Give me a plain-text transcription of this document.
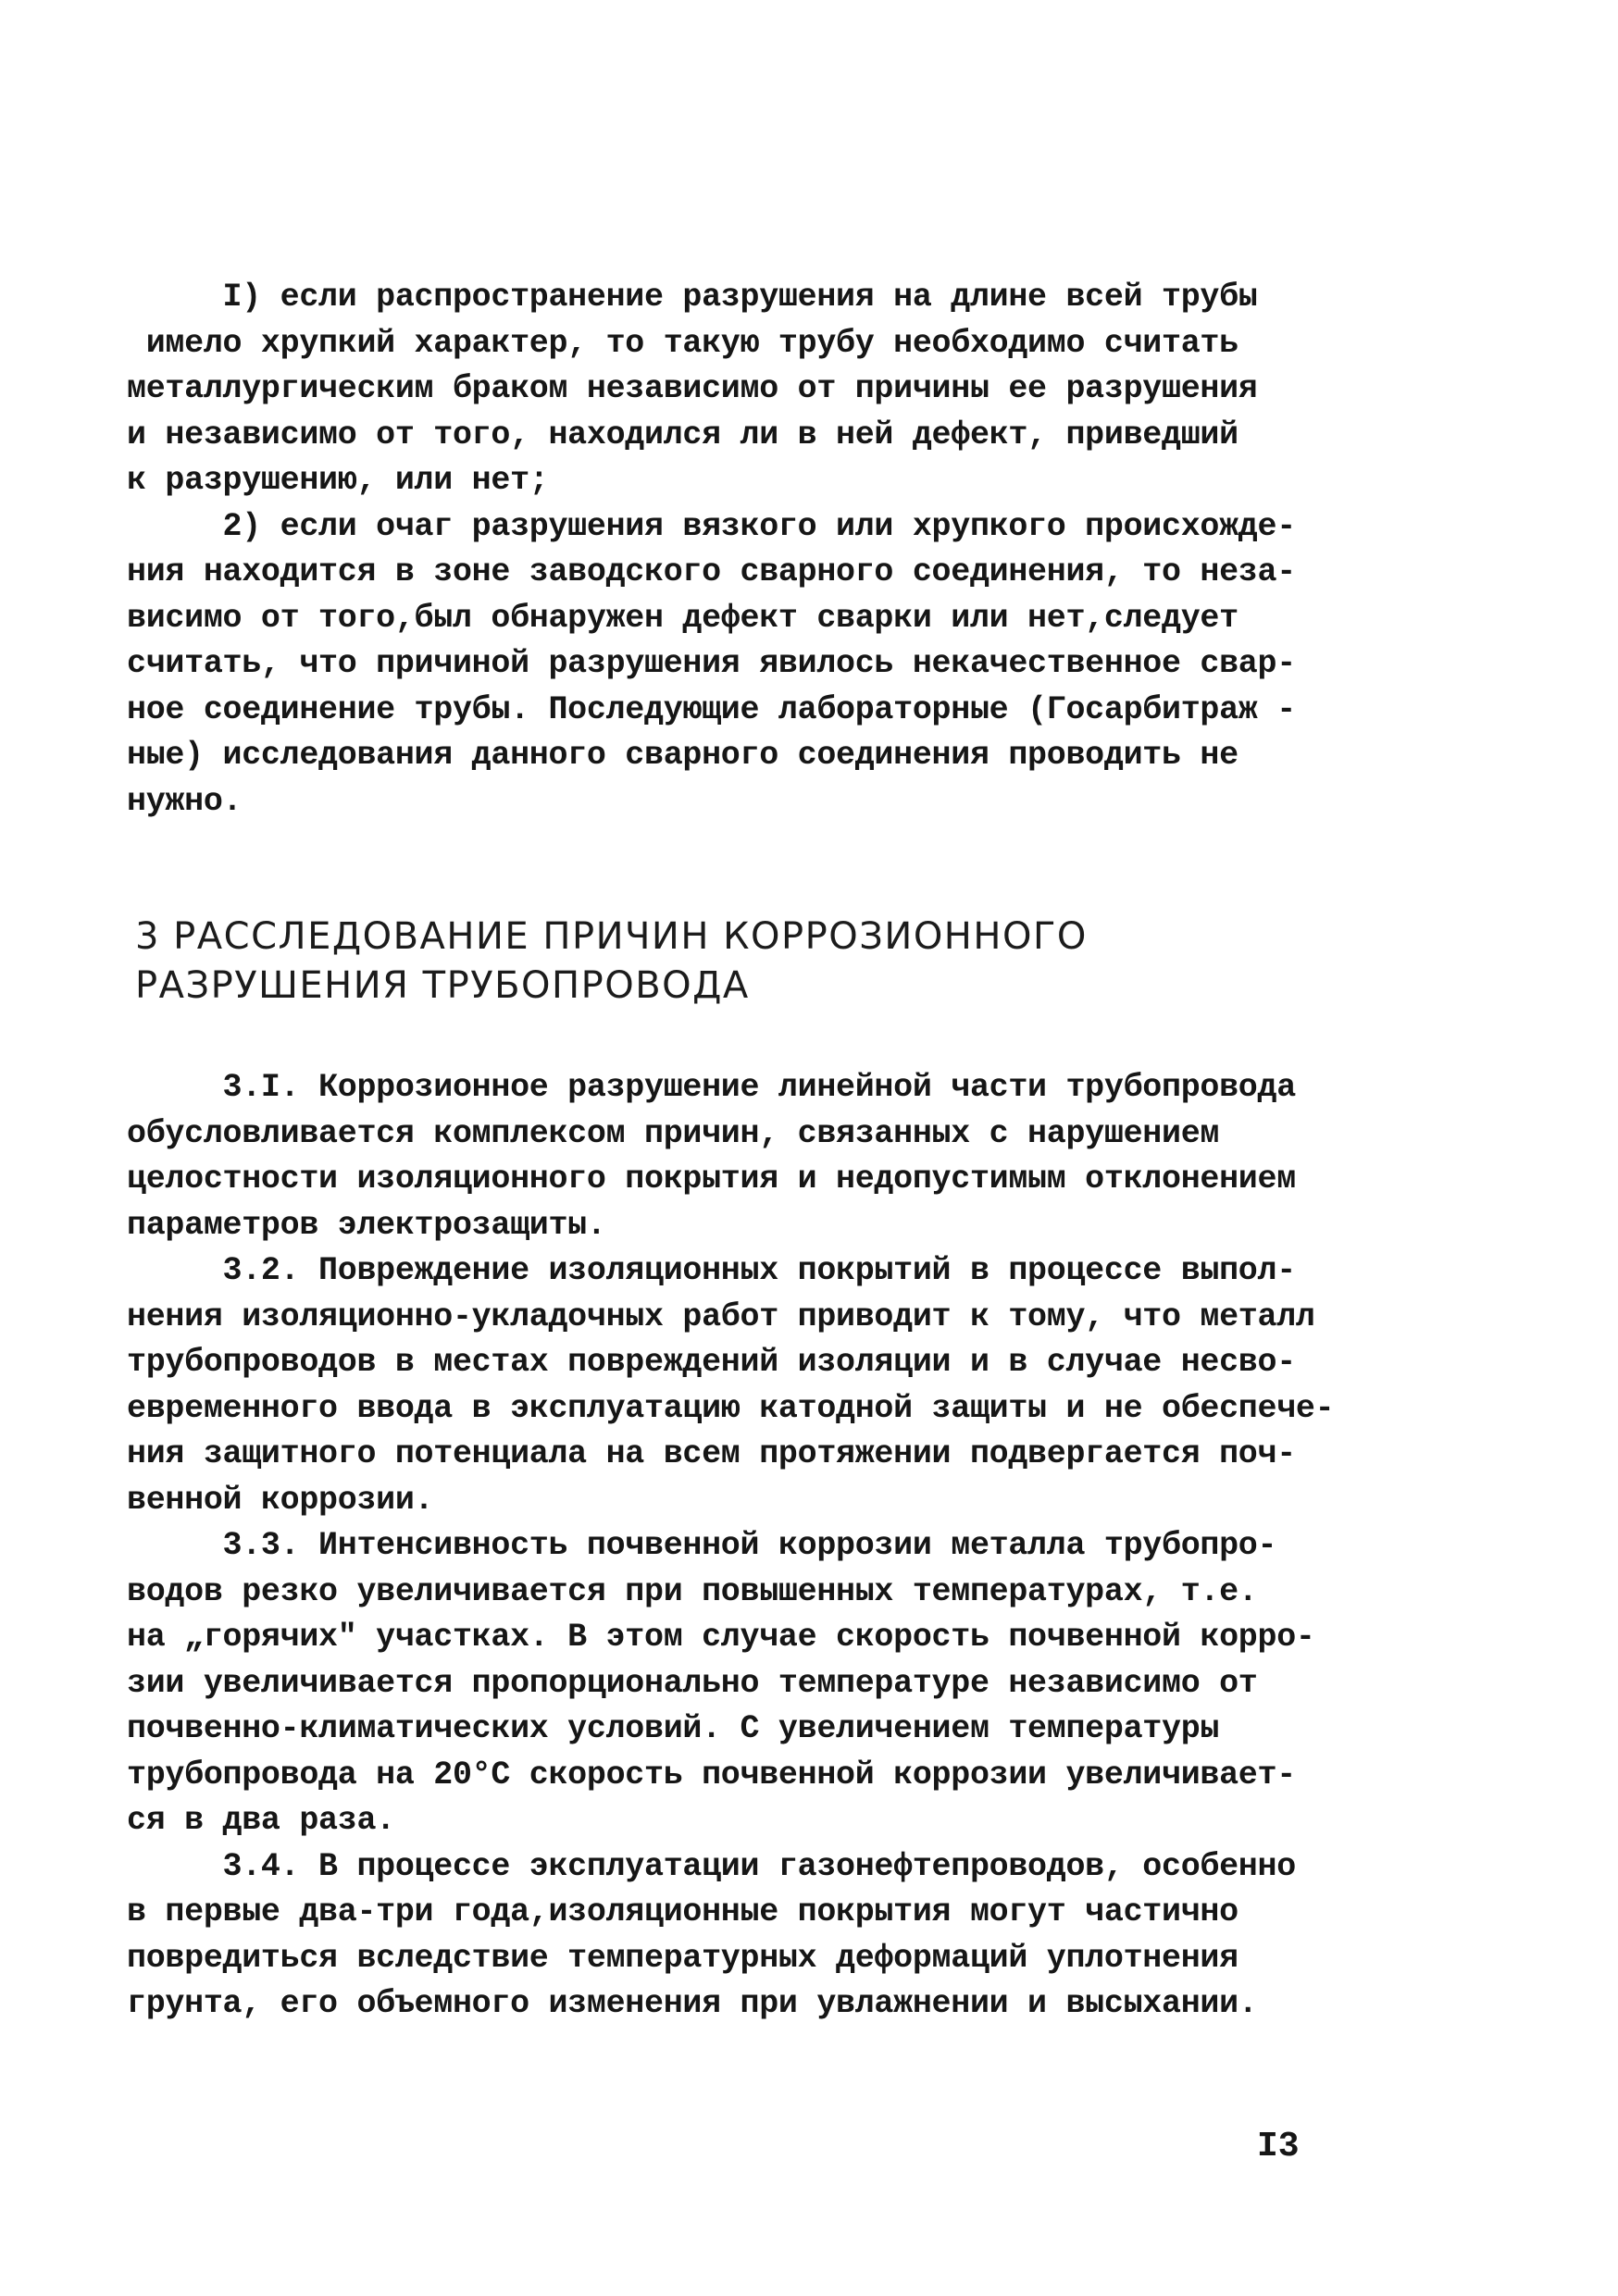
I) если распространение разрушения на длине всей трубы

имело хрупкий характер, то такую трубу необходимо считать

металлургическим браком независимо от причины ее разрушения

и независимо от того, находился ли в ней дефект, приведший

к разрушению, или нет;

2) если очаг разрушения вязкого или хрупкого происхожде-

ния находится в зоне заводского сварного соединения, то неза-

висимо от того,был обнаружен дефект сварки или нет,следует

считать, что причиной разрушения явилось некачественное свар-

ное соединение трубы. Последующие лабораторные (Госарбитраж -

ные) исследования данного сварного соединения проводить не

нужно.

3 РАССЛЕДОВАНИЕ ПРИЧИН КОРРОЗИОННОГО

РАЗРУШЕНИЯ ТРУБОПРОВОДА

3.I. Коррозионное разрушение линейной части трубопровода

обусловливается комплексом причин, связанных с нарушением

целостности изоляционного покрытия и недопустимым отклонением

параметров электрозащиты.

3.2. Повреждение изоляционных покрытий в процессе выпол-

нения изоляционно-укладочных работ приводит к тому, что металл

трубопроводов в местах повреждений изоляции и в случае несво-

евременного ввода в эксплуатацию катодной защиты и не обеспече-

ния защитного потенциала на всем протяжении подвергается поч-

венной коррозии.

3.3. Интенсивность почвенной коррозии металла трубопро-

водов резко увеличивается при повышенных температурах, т.е.

на „горячих" участках. В этом случае скорость почвенной корро-

зии увеличивается пропорционально температуре независимо от

почвенно-климатических условий. С увеличением температуры

трубопровода на 20°С скорость почвенной коррозии увеличивает-

ся в два раза.

3.4. В процессе эксплуатации газонефтепроводов, особенно

в первые два-три года,изоляционные покрытия могут частично

повредиться вследствие температурных деформаций уплотнения

грунта, его объемного изменения при увлажнении и высыхании.

I3
